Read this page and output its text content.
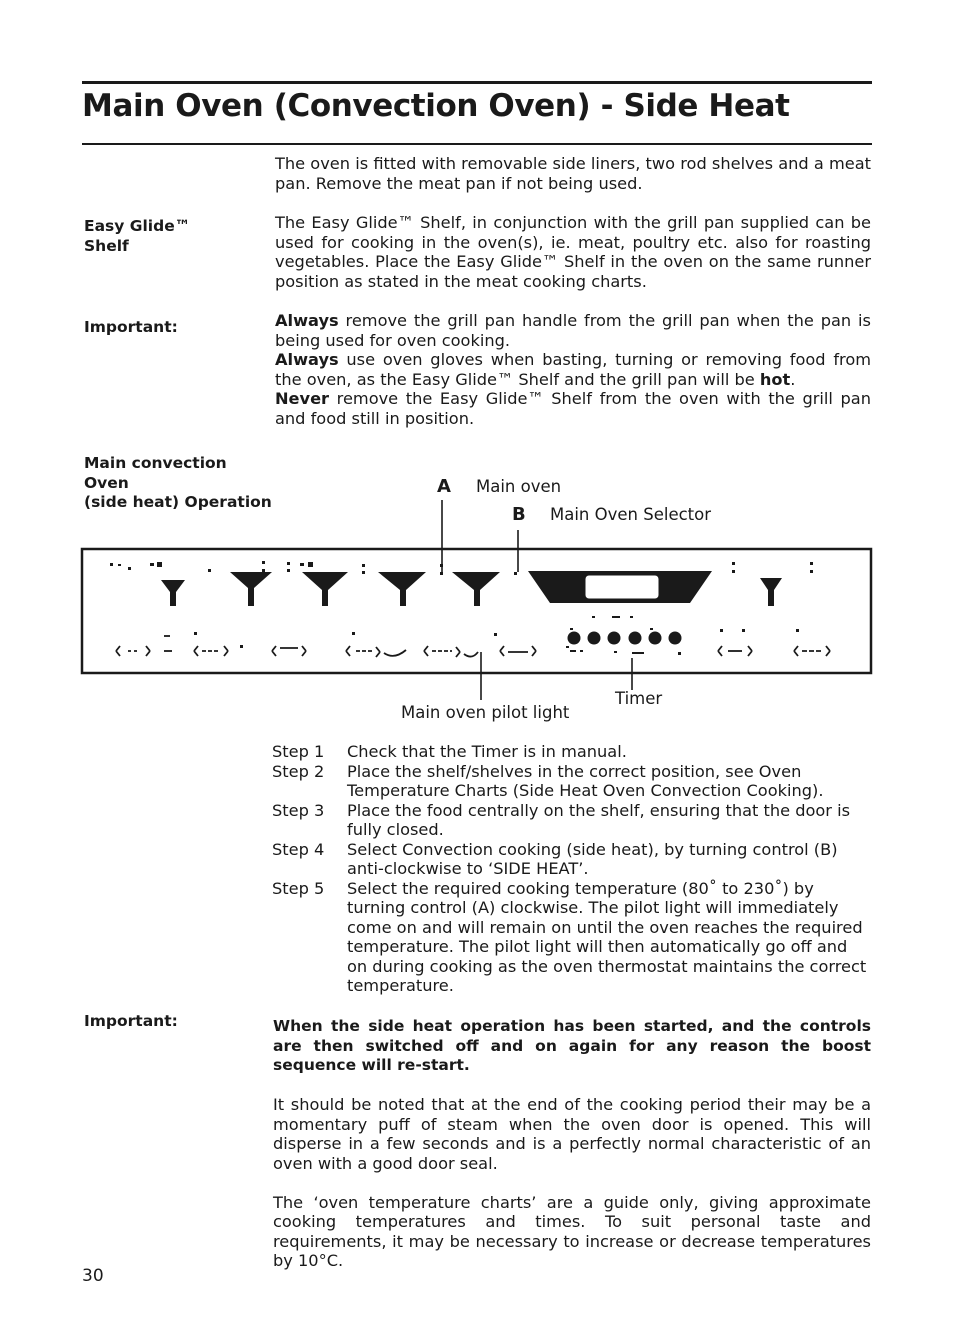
Main Oven (Convection Oven) - Side Heat

The oven is fitted with removable side liners, two rod shelves and a meat pan. Remove the meat pan if not being used.

Easy Glide™
Shelf

The Easy Glide™ Shelf, in conjunction with the grill pan supplied can be used for cooking in the oven(s), ie. meat, poultry etc. also for roasting vegetables. Place the Easy Glide™ Shelf in the oven on the same runner position as stated in the meat cooking charts.

Important:	Always remove the grill pan handle from the grill pan when the pan is being used for oven cooking.

Always use oven gloves when basting, turning or removing food from the oven, as the Easy Glide™ Shelf and the grill pan will be hot.

Never remove the Easy Glide™ Shelf from the oven with the grill pan and food still in position.

Main convection Oven
(side heat) Operation
A Main oven
B Main Oven Selector
Timer
Main oven pilot light
Step 1	Check that the Timer is in manual.
Step 2	Place the shelf/shelves in the correct position, see Oven Temperature Charts (Side Heat Oven Convection Cooking).
Step 3	Place the food centrally on the shelf, ensuring that the door is fully closed.
Step 4	Select Convection cooking (side heat), by turning control (B) anti-clockwise to ‘SIDE HEAT’.
Step 5	Select the required cooking temperature (80˚ to 230˚) by turning control (A) clockwise. The pilot light will immediately come on and will remain on until the oven reaches the required temperature. The pilot light will then automatically go off and on during cooking as the oven thermostat maintains the correct temperature.
Important:	When the side heat operation has been started, and the controls are then switched off and on again for any reason the boost sequence will re-start.

It should be noted that at the end of the cooking period their may be a momentary puff of steam when the oven door is opened. This will disperse in a few seconds and is a perfectly normal characteristic of an oven with a good door seal.

The ‘oven temperature charts’ are a guide only, giving approximate cooking temperatures and times. To suit personal taste and requirements, it may be necessary to increase or decrease temperatures by 10°C.

30
